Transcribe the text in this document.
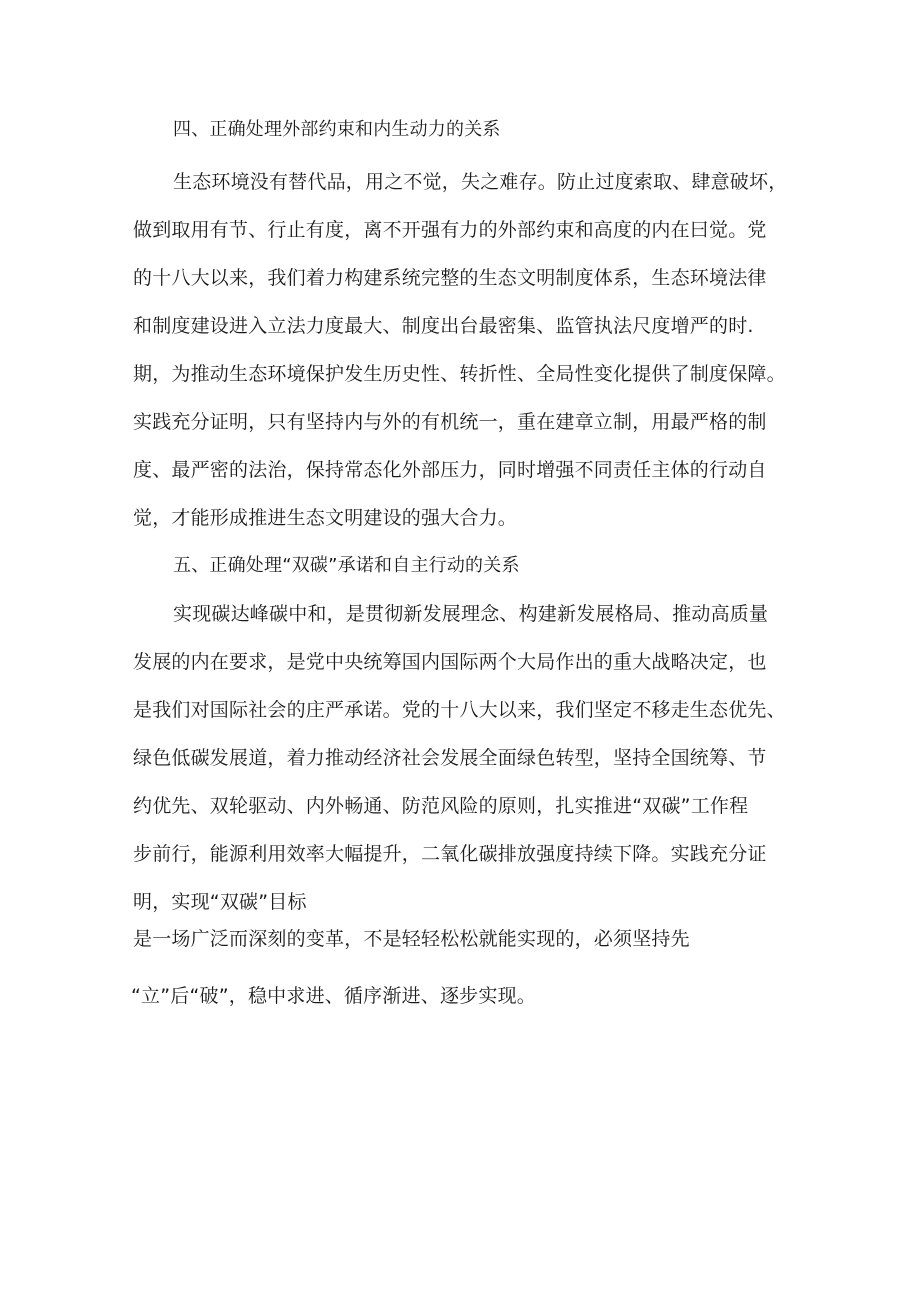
四、正确处理外部约束和内生动力的关系
生态环境没有替代品，用之不觉，失之难存。防止过度索取、肆意破坏，
做到取用有节、行止有度，离不开强有力的外部约束和高度的内在曰觉。党
的十八大以来，我们着力构建系统完整的生态文明制度体系，生态环境法律
和制度建设进入立法力度最大、制度出台最密集、监管执法尺度增严的时.
期，为推动生态环境保护发生历史性、转折性、全局性变化提供了制度保障。
实践充分证明，只有坚持内与外的有机统一，重在建章立制，用最严格的制
度、最严密的法治，保持常态化外部压力，同时增强不同责任主体的行动自
觉，才能形成推进生态文明建设的强大合力。
五、正确处理“双碳”承诺和自主行动的关系
实现碳达峰碳中和，是贯彻新发展理念、构建新发展格局、推动高质量
发展的内在要求，是党中央统筹国内国际两个大局作出的重大战略决定，也
是我们对国际社会的庄严承诺。党的十八大以来，我们坚定不移走生态优先、
绿色低碳发展道，着力推动经济社会发展全面绿色转型，坚持全国统筹、节
约优先、双轮驱动、内外畅通、防范风险的原则，扎实推进“双碳”工作程
步前行，能源利用效率大幅提升，二氧化碳排放强度持续下降。实践充分证
明，实现“双碳”目标
是一场广泛而深刻的变革，不是轻轻松松就能实现的，必须坚持先
“立”后“破”，稳中求进、循序渐进、逐步实现。
